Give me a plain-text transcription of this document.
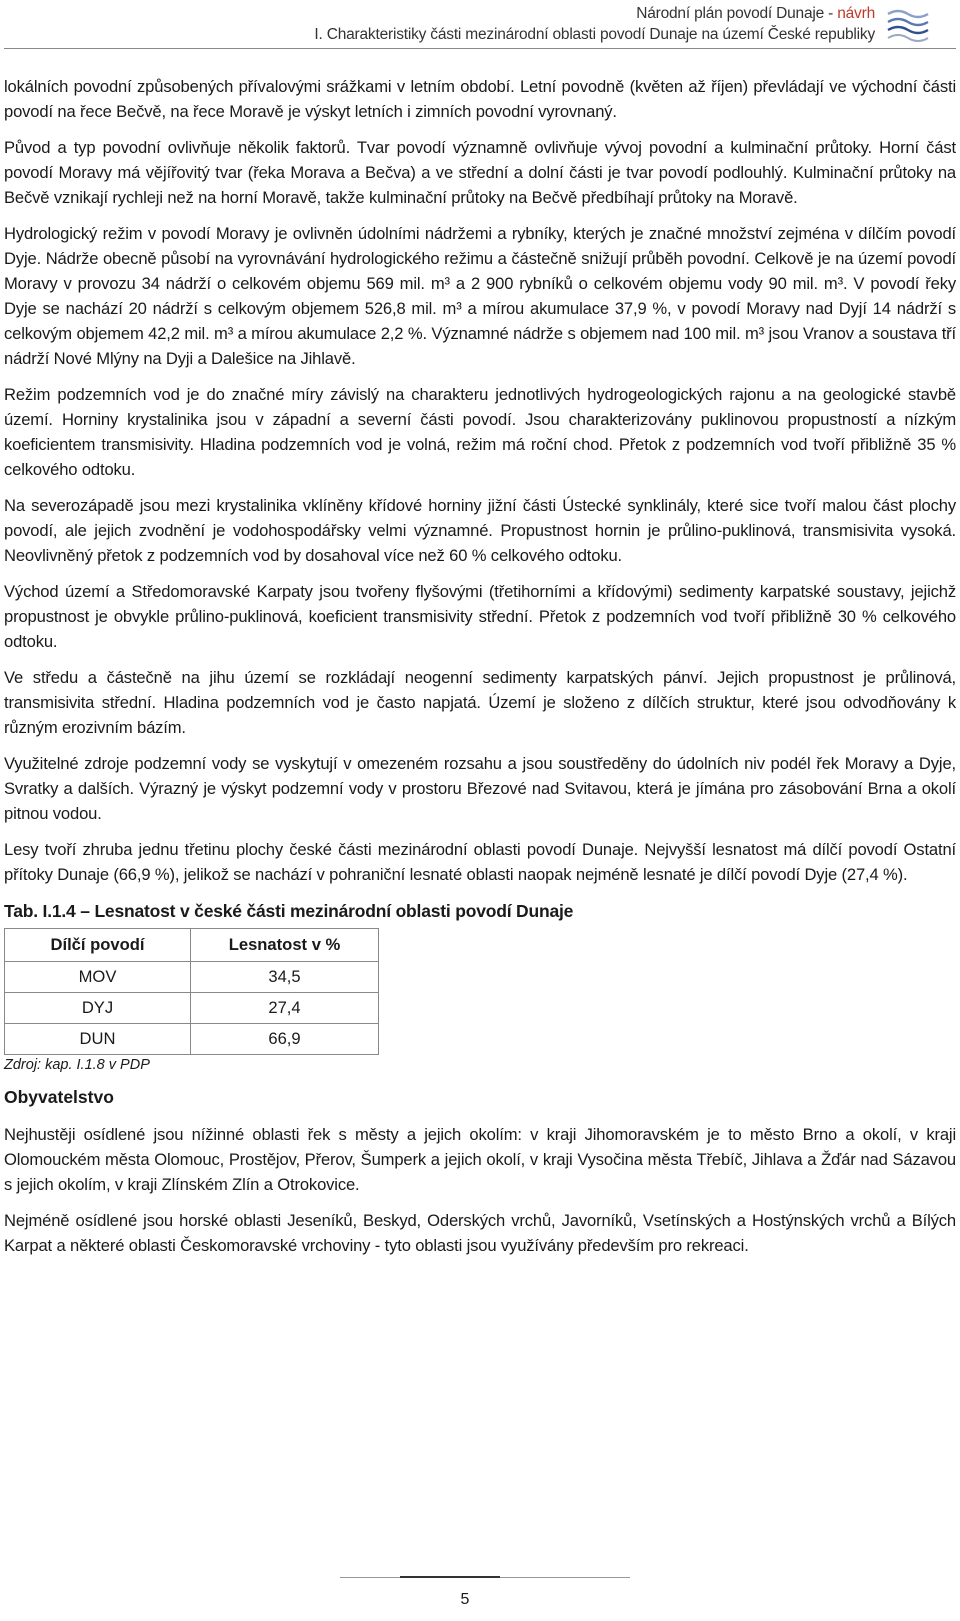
Národní plán povodí Dunaje - návrh
I. Charakteristiky části mezinárodní oblasti povodí Dunaje na území České republiky

lokálních povodní způsobených přívalovými srážkami v letním období. Letní povodně (květen až říjen) převládají ve východní části povodí na řece Bečvě, na řece Moravě je výskyt letních i zimních povodní vyrovnaný.

Původ a typ povodní ovlivňuje několik faktorů. Tvar povodí významně ovlivňuje vývoj povodní a kulminační průtoky. Horní část povodí Moravy má vějířovitý tvar (řeka Morava a Bečva) a ve střední a dolní části je tvar povodí podlouhlý. Kulminační průtoky na Bečvě vznikají rychleji než na horní Moravě, takže kulminační průtoky na Bečvě předbíhají průtoky na Moravě.

Hydrologický režim v povodí Moravy je ovlivněn údolními nádržemi a rybníky, kterých je značné množství zejména v dílčím povodí Dyje. Nádrže obecně působí na vyrovnávání hydrologického režimu a částečně snižují průběh povodní. Celkově je na území povodí Moravy v provozu 34 nádrží o celkovém objemu 569 mil. m³ a 2 900 rybníků o celkovém objemu vody 90 mil. m³. V povodí řeky Dyje se nachází 20 nádrží s celkovým objemem 526,8 mil. m³ a mírou akumulace 37,9 %, v povodí Moravy nad Dyjí 14 nádrží s celkovým objemem 42,2 mil. m³ a mírou akumulace 2,2 %. Významné nádrže s objemem nad 100 mil. m³ jsou Vranov a soustava tří nádrží Nové Mlýny na Dyji a Dalešice na Jihlavě.

Režim podzemních vod je do značné míry závislý na charakteru jednotlivých hydrogeologických rajonu a na geologické stavbě území. Horniny krystalinika jsou v západní a severní části povodí. Jsou charakterizovány puklinovou propustností a nízkým koeficientem transmisivity. Hladina podzemních vod je volná, režim má roční chod. Přetok z podzemních vod tvoří přibližně 35 % celkového odtoku.

Na severozápadě jsou mezi krystalinika vklíněny křídové horniny jižní části Ústecké synklinály, které sice tvoří malou část plochy povodí, ale jejich zvodnění je vodohospodářsky velmi významné. Propustnost hornin je průlino-puklinová, transmisivita vysoká. Neovlivněný přetok z podzemních vod by dosahoval více než 60 % celkového odtoku.

Východ území a Středomoravské Karpaty jsou tvořeny flyšovými (třetihorními a křídovými) sedimenty karpatské soustavy, jejichž propustnost je obvykle průlino-puklinová, koeficient transmisivity střední. Přetok z podzemních vod tvoří přibližně 30 % celkového odtoku.

Ve středu a částečně na jihu území se rozkládají neogenní sedimenty karpatských pánví. Jejich propustnost je průlinová, transmisivita střední. Hladina podzemních vod je často napjatá. Území je složeno z dílčích struktur, které jsou odvodňovány k různým erozivním bázím.

Využitelné zdroje podzemní vody se vyskytují v omezeném rozsahu a jsou soustředěny do údolních niv podél řek Moravy a Dyje, Svratky a dalších. Výrazný je výskyt podzemní vody v prostoru Březové nad Svitavou, která je jímána pro zásobování Brna a okolí pitnou vodou.

Lesy tvoří zhruba jednu třetinu plochy české části mezinárodní oblasti povodí Dunaje. Nejvyšší lesnatost má dílčí povodí Ostatní přítoky Dunaje (66,9 %), jelikož se nachází v pohraniční lesnaté oblasti naopak nejméně lesnaté je dílčí povodí Dyje (27,4 %).

Tab. I.1.4 – Lesnatost v české části mezinárodní oblasti povodí Dunaje
Dílčí povodí	Lesnatost v %
MOV	34,5
DYJ	27,4
DUN	66,9
Zdroj: kap. I.1.8 v PDP
Obyvatelstvo

Nejhustěji osídlené jsou nížinné oblasti řek s městy a jejich okolím: v kraji Jihomoravském je to město Brno a okolí, v kraji Olomouckém města Olomouc, Prostějov, Přerov, Šumperk a jejich okolí, v kraji Vysočina města Třebíč, Jihlava a Žďár nad Sázavou s jejich okolím, v kraji Zlínském Zlín a Otrokovice.

Nejméně osídlené jsou horské oblasti Jeseníků, Beskyd, Oderských vrchů, Javorníků, Vsetínských a Hostýnských vrchů a Bílých Karpat a některé oblasti Českomoravské vrchoviny - tyto oblasti jsou využívány především pro rekreaci.

5
